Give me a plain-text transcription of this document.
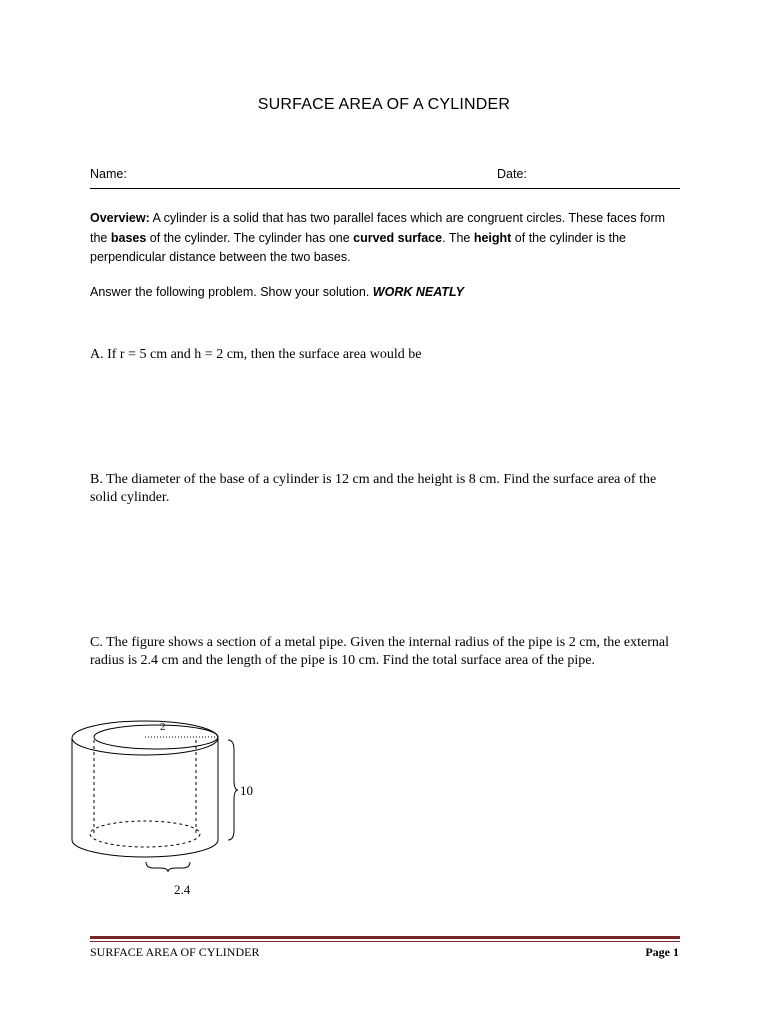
SURFACE AREA OF A CYLINDER
Name:	Date:
Overview: A cylinder is a solid that has two parallel faces which are congruent circles. These faces form the bases of the cylinder. The cylinder has one curved surface. The height of the cylinder is the perpendicular distance between the two bases.
Answer the following problem. Show your solution. WORK NEATLY
A. If r = 5 cm and h = 2 cm, then the surface area would be
B. The diameter of the base of a cylinder is 12 cm and the height is 8 cm. Find the surface area of the solid cylinder.
C. The figure shows a section of a metal pipe. Given the internal radius of the pipe is 2 cm, the external radius is 2.4 cm and the length of the pipe is 10 cm. Find the total surface area of the pipe.
2
10
2.4
SURFACE AREA OF CYLINDER	Page 1
